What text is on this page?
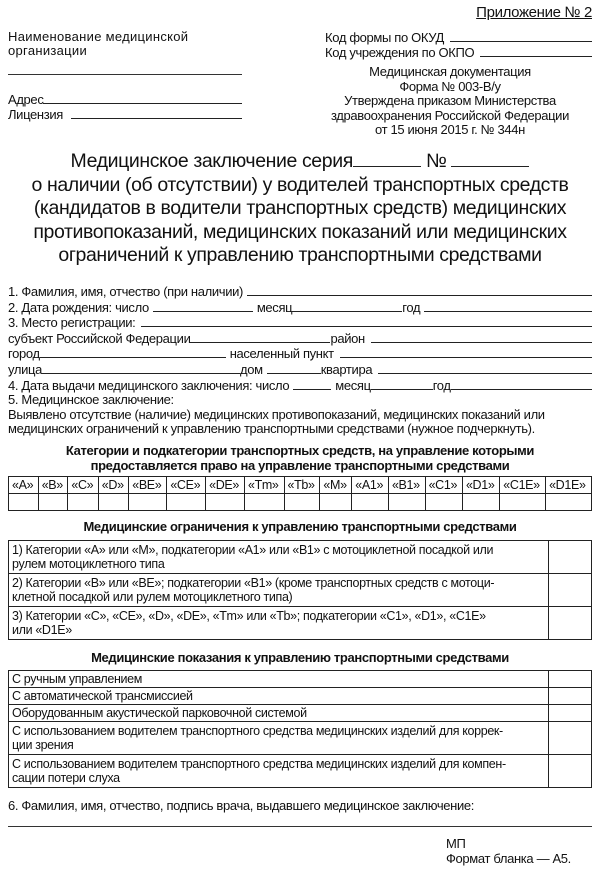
Приложение № 2
Наименование медицинской
организации
Адрес
Лицензия
Код формы по ОКУД
Код учреждения по ОКПО
Медицинская документация
Форма № 003-В/у
Утверждена приказом Министерства
здравоохранения Российской Федерации
от 15 июня 2015 г. № 344н
Медицинское заключение серия	№
о наличии (об отсутствии) у водителей транспортных средств
(кандидатов в водители транспортных средств) медицинских
противопоказаний, медицинских показаний или медицинских
ограничений к управлению транспортными средствами
1. Фамилия, имя, отчество (при наличии)
2. Дата рождения: число	месяц	год
3. Место регистрации:
субъект Российской Федерации	район
город	населенный пункт
улица	дом	квартира
4. Дата выдачи медицинского заключения: число	месяц	год
5. Медицинское заключение:
Выявлено отсутствие (наличие) медицинских противопоказаний, медицинских показаний или
медицинских ограничений к управлению транспортными средствами (нужное подчеркнуть).
Категории и подкатегории транспортных средств, на управление которыми
предоставляется право на управление транспортными средствами
«A»	«B»	«C»	«D»	«BE»	«CE»	«DE»	«Tm»	«Tb»	«M»	«A1»	«B1»	«C1»	«D1»	«C1E»	«D1E»

Медицинские ограничения к управлению транспортными средствами
1) Категории «A» или «M», подкатегории «A1» или «B1» с мотоциклетной посадкой или
рулем мотоциклетного типа	

2) Категории «B» или «BE»; подкатегории «B1» (кроме транспортных средств с мотоци-
клетной посадкой или рулем мотоциклетного типа)	

3) Категории «C», «CE», «D», «DE», «Tm» или «Tb»; подкатегории «C1», «D1», «C1E»
или «D1E»	

Медицинские показания к управлению транспортными средствами
С ручным управлением	
С автоматической трансмиссией	
Оборудованным акустической парковочной системой	

С использованием водителем транспортного средства медицинских изделий для коррек-
ции зрения	

С использованием водителем транспортного средства медицинских изделий для компен-
сации потери слуха	

6. Фамилия, имя, отчество, подпись врача, выдавшего медицинское заключение:
МП
Формат бланка — А5.
